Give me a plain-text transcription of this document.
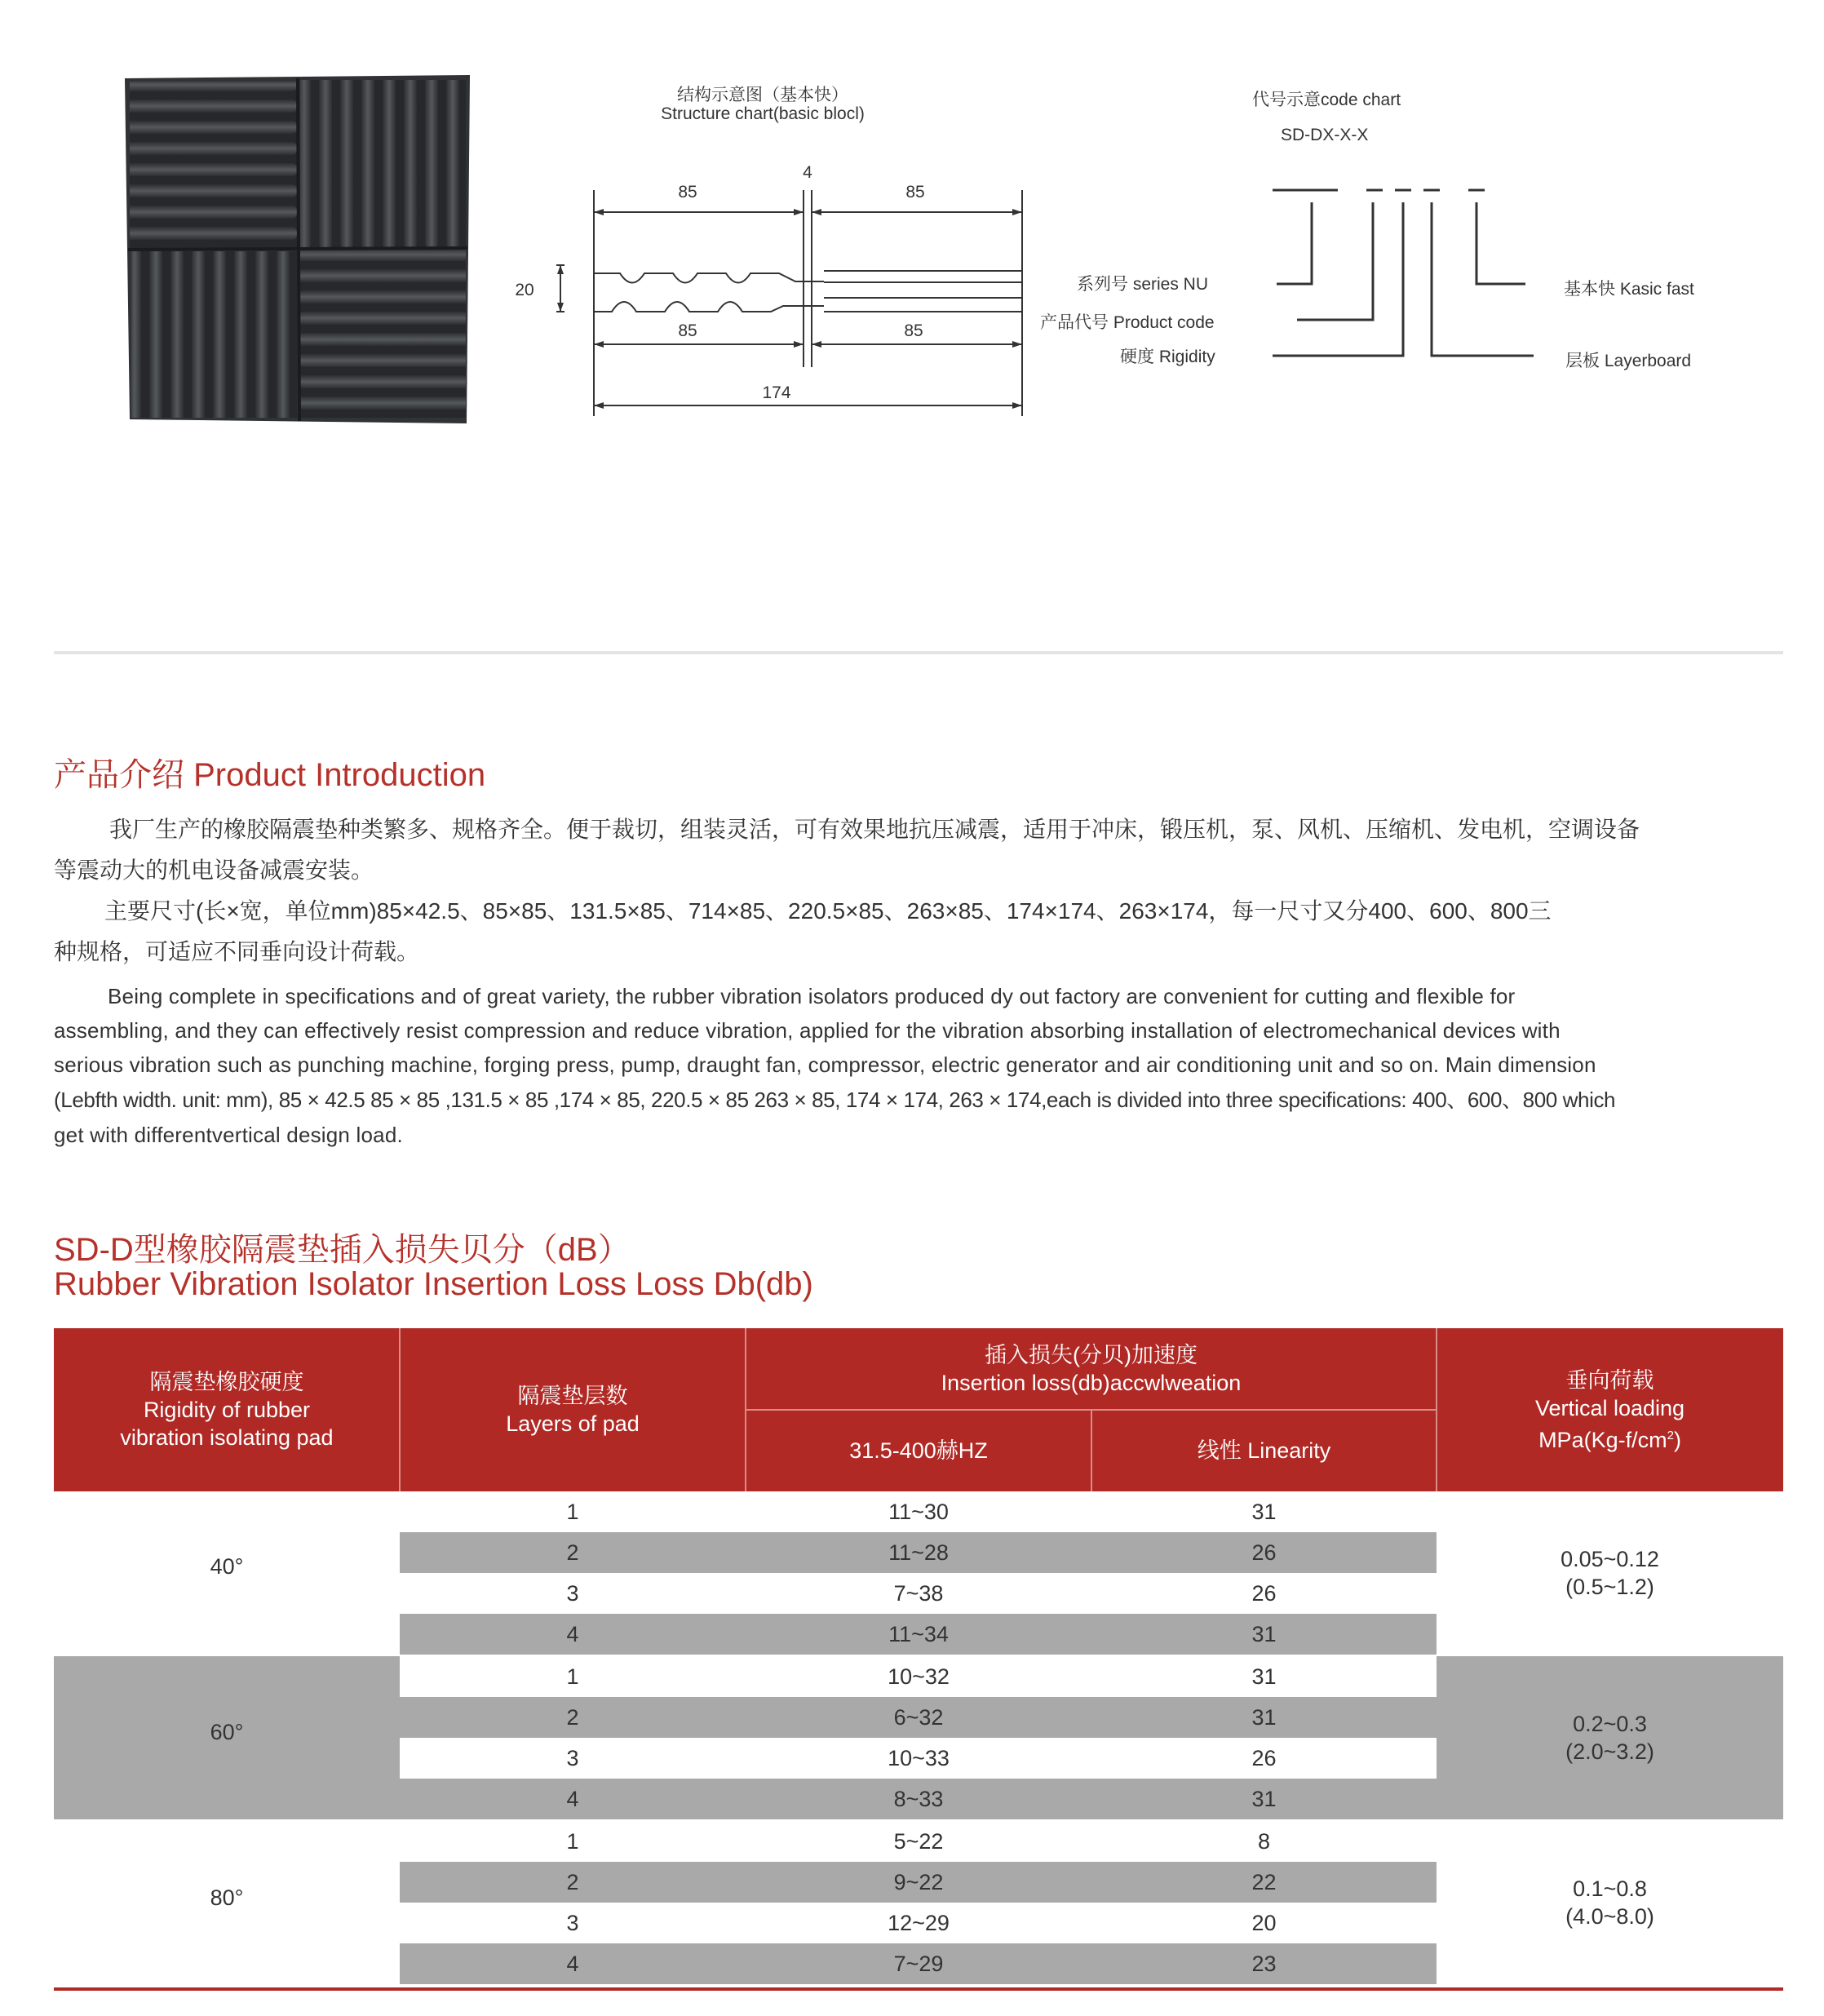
结构示意图（基本快）
Structure chart(basic blocl)
85
4
85
20
85	85
174
代号示意code chart
SD-DX-X-X
系列号 series NU
产品代号 Product code
硬度 Rigidity
基本快 Kasic fast
层板 Layerboard
产品介绍 Product Introduction
我厂生产的橡胶隔震垫种类繁多、规格齐全。便于裁切，组装灵活，可有效果地抗压减震，适用于冲床，锻压机，泵、风机、压缩机、发电机，空调设备
等震动大的机电设备减震安装。
主要尺寸(长×宽，单位mm)85×42.5、85×85、131.5×85、714×85、220.5×85、263×85、174×174、263×174，每一尺寸又分400、600、800三
种规格，可适应不同垂向设计荷载。
Being complete in specifications and of great variety, the rubber vibration isolators produced dy out factory are convenient for cutting and flexible for
assembling, and they can effectively resist compression and reduce vibration, applied for the vibration absorbing installation of electromechanical devices with
serious vibration such as punching machine, forging press, pump, draught fan, compressor, electric generator and air conditioning unit and so on. Main dimension
(Lebfth width. unit: mm), 85 × 42.5 85 × 85 ,131.5 × 85 ,174 × 85, 220.5 × 85 263 × 85, 174 × 174, 263 × 174,each is divided into three specifications: 400、600、800 which
get with differentvertical design load.
SD-D型橡胶隔震垫插入损失贝分（dB）
Rubber Vibration Isolator Insertion Loss Loss Db(db)
隔震垫橡胶硬度
Rigidity of rubber
vibration isolating pad
隔震垫层数
Layers of pad
插入损失(分贝)加速度
Insertion loss(db)accwlweation
31.5-400赫HZ	线性 Linearity
垂向荷载
Vertical loading
$MPa(Kg-f/cm^2)$
40°
1	11~30	31
2	11~28	26
3	7~38	26
4	11~34	31
0.05~0.12
(0.5~1.2)
60°
1	10~32	31
2	6~32	31
3	10~33	26
4	8~33	31
0.2~0.3
(2.0~3.2)
80°
1	5~22	8
2	9~22	22
3	12~29	20
4	7~29	23
0.1~0.8
(4.0~8.0)
